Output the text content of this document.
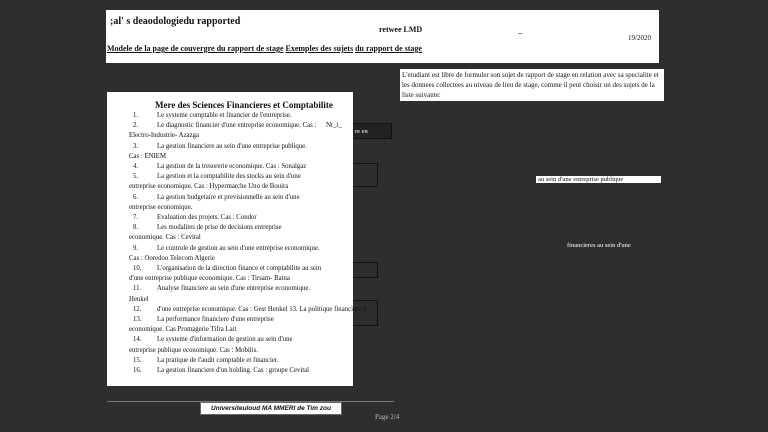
;al' s deaodologiedu rapported
retwee LMD	–	19/2020
Modele de la page de couvergre du rapport de stage Exemples des sujets du rapport de stage
L'etudiant est libre de formuler son sujet de rapport de stage en relation avec sa specialite et les donnees collectees au niveau de lieu de stage, comme il peut choisir un des sujets de la liste suivante:
au sein d'une entreprise publique
financieres au sein d'une
Mere des Sciences Financieres et Comptabilite
re en
Nt_i_
1.	Le systeme comptable et financier de l'entreprise.
2.	Le diagnostic financier d'une entreprise economique. Cas :
Electro-Industrie- Azazga
3.	La gestion financiere au sein d'une entreprise publique.
Cas : ENIEM
4.	La gestion de la tresorerie economique. Cas : Sonalgaz
5.	La gestion et la comptabilite des stocks au sein d'une
entreprise economique. Cas : Hypermarche Uno de Bouira
6.	La gestion budgetaire et previsionnelle au sein d'une
entreprise economique.
7.	Evaluation des projets. Cas : Condor
8.	Les modalites de prise de decisions entreprise
economique. Cas : Cevital
9.	Le controle de gestion au sein d'une entreprise economique.
Cas : Ooredoo Telecom Algerie
10. L'organisation de la direction finance et comptabilite au sein
d'une entreprise publique economique. Cas : Tirsam- Batna
11. Analyse financiere au sein d'une entreprise economique.
Henkel
12. d'une entreprise economique. Cas : Gest Henkel 13. La politique financiere d
13. La performance financiere d'une entreprise
economique. Cas Promagerie Tifra Lait
14. Le systeme d'information de gestion au sein d'une
entreprise publique economique. Cas : Mobilis.
15. La pratique de l'audit comptable et financier.
16. La gestion financiere d'un holding. Cas : groupe Cevital
Universiteuloud MA MMERI de Tim zou
Page 2/4
